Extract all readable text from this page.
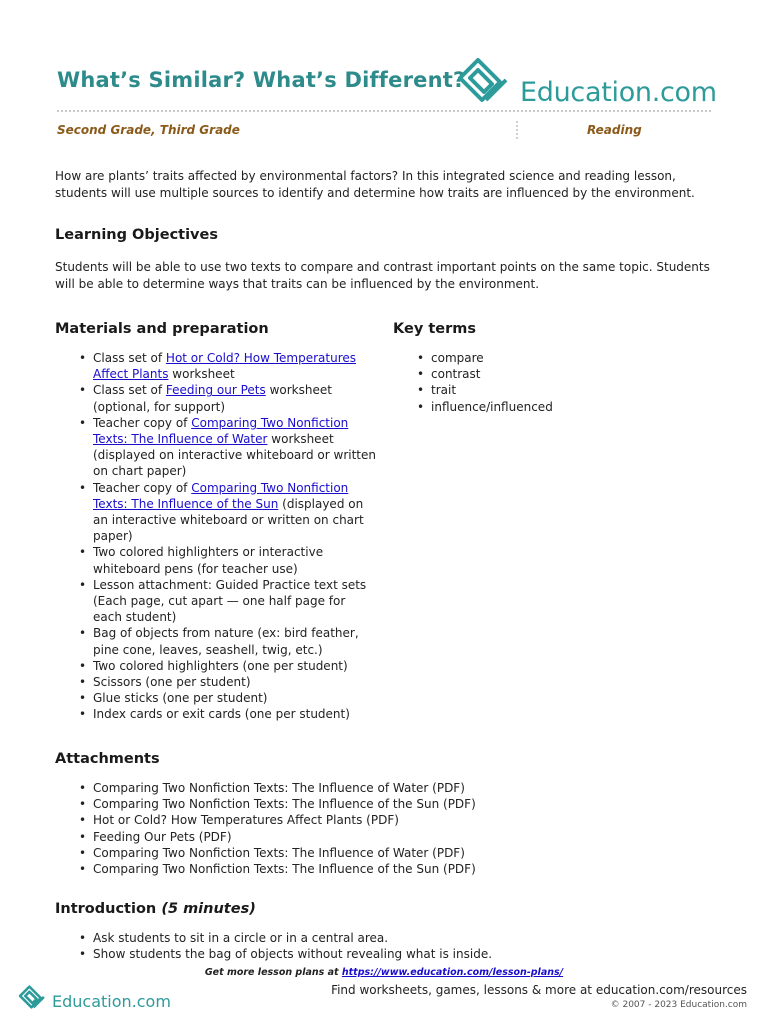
What’s Similar? What’s Different? Education.com
Second Grade, Third Grade	Reading
How are plants’ traits affected by environmental factors? In this integrated science and reading lesson, students will use multiple sources to identify and determine how traits are influenced by the environment.
Learning Objectives
Students will be able to use two texts to compare and contrast important points on the same topic. Students will be able to determine ways that traits can be influenced by the environment.
Materials and preparation
• Class set of Hot or Cold? How Temperatures Affect Plants worksheet
• Class set of Feeding our Pets worksheet (optional, for support)
• Teacher copy of Comparing Two Nonfiction Texts: The Influence of Water worksheet (displayed on interactive whiteboard or written on chart paper)
• Teacher copy of Comparing Two Nonfiction Texts: The Influence of the Sun (displayed on an interactive whiteboard or written on chart paper)
• Two colored highlighters or interactive whiteboard pens (for teacher use)
• Lesson attachment: Guided Practice text sets (Each page, cut apart — one half page for each student)
• Bag of objects from nature (ex: bird feather, pine cone, leaves, seashell, twig, etc.)
• Two colored highlighters (one per student)
• Scissors (one per student)
• Glue sticks (one per student)
• Index cards or exit cards (one per student)
Key terms
• compare
• contrast
• trait
• influence/influenced
Attachments
• Comparing Two Nonfiction Texts: The Influence of Water (PDF)
• Comparing Two Nonfiction Texts: The Influence of the Sun (PDF)
• Hot or Cold? How Temperatures Affect Plants (PDF)
• Feeding Our Pets (PDF)
• Comparing Two Nonfiction Texts: The Influence of Water (PDF)
• Comparing Two Nonfiction Texts: The Influence of the Sun (PDF)
Introduction (5 minutes)
• Ask students to sit in a circle or in a central area.
• Show students the bag of objects without revealing what is inside.
Get more lesson plans at https://www.education.com/lesson-plans/
Education.com
Find worksheets, games, lessons & more at education.com/resources
© 2007 - 2023 Education.com
